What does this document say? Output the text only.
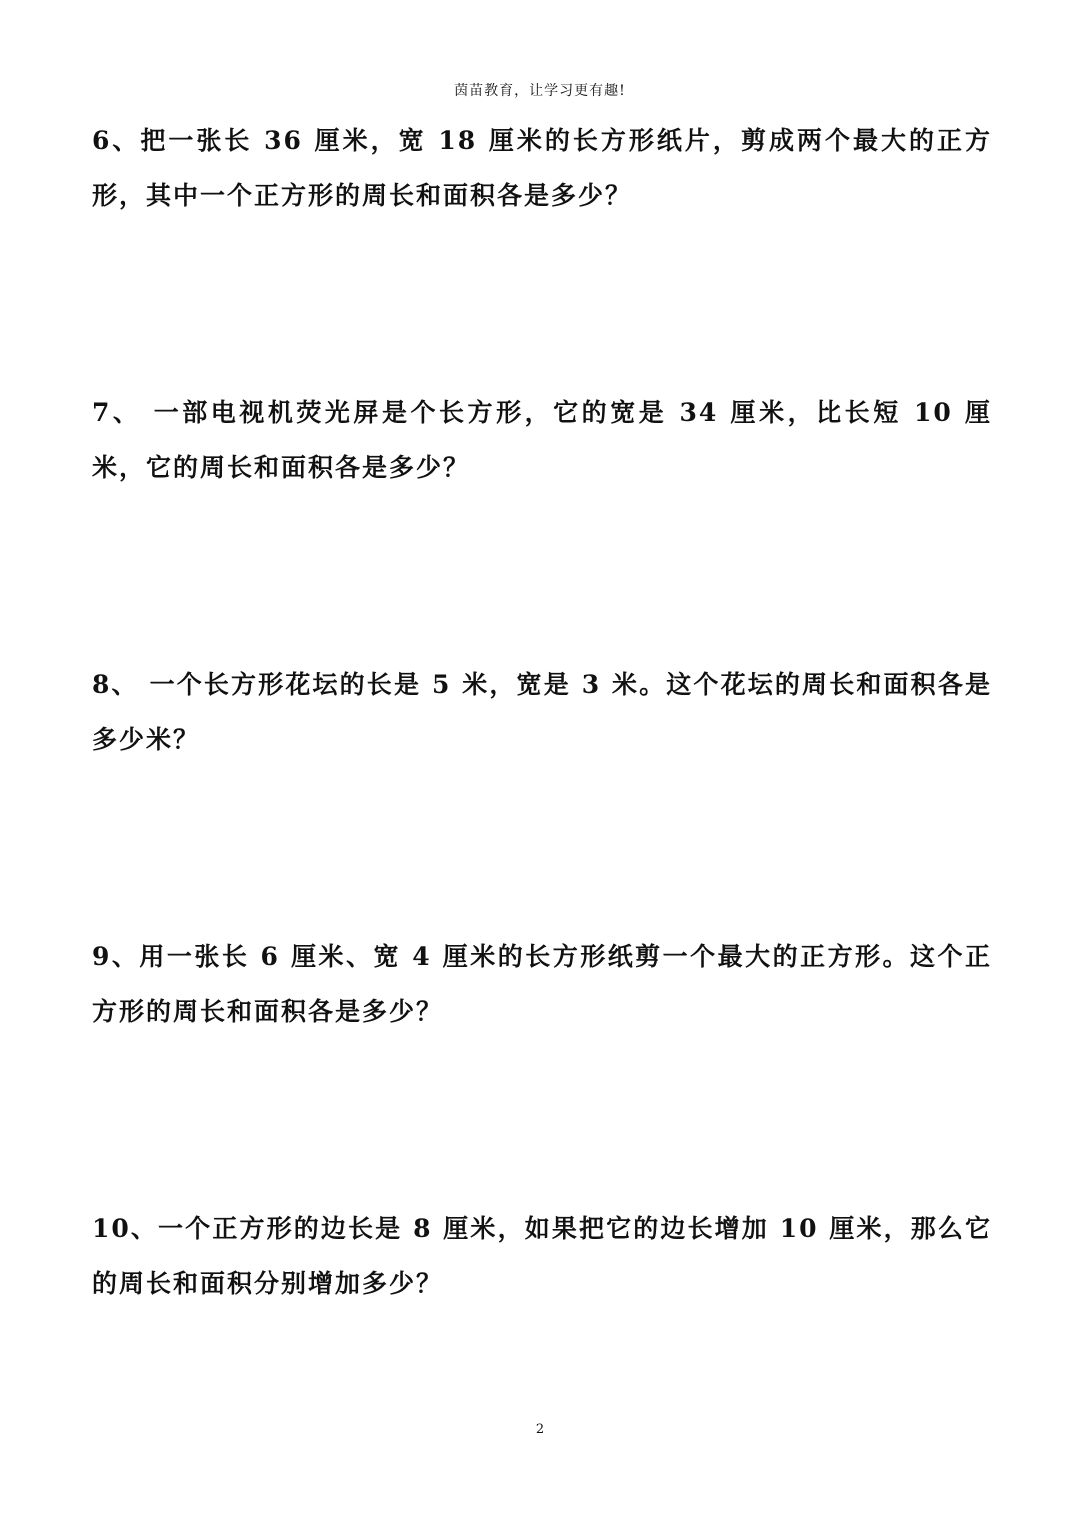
茵苗教育，让学习更有趣!

6、把一张长 36 厘米，宽 18 厘米的长方形纸片，剪成两个最大的正方形，其中一个正方形的周长和面积各是多少？

7、 一部电视机荧光屏是个长方形，它的宽是 34 厘米，比长短 10 厘米，它的周长和面积各是多少？

8、 一个长方形花坛的长是 5 米，宽是 3 米。这个花坛的周长和面积各是多少米？

9、用一张长 6 厘米、宽 4 厘米的长方形纸剪一个最大的正方形。这个正方形的周长和面积各是多少？

10、一个正方形的边长是 8 厘米，如果把它的边长增加 10 厘米，那么它的周长和面积分别增加多少？

2
